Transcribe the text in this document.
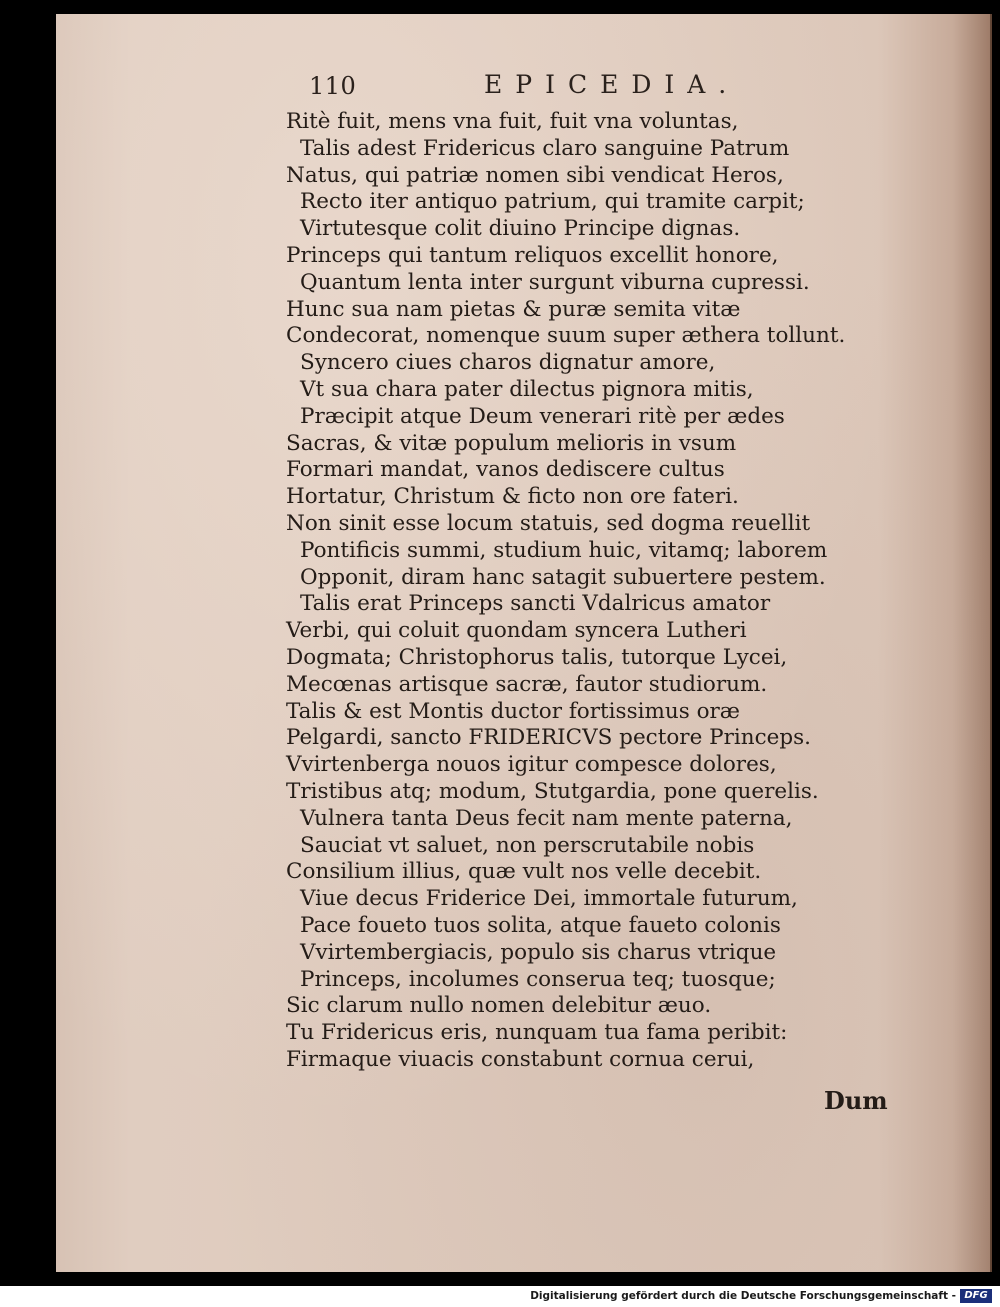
110	EPICEDIA.
Ritè fuit, mens vna fuit, fuit vna voluntas,
Talis adest Fridericus claro sanguine Patrum
Natus, qui patriæ nomen sibi vendicat Heros,
Recto iter antiquo patrium, qui tramite carpit;
Virtutesque colit diuino Principe dignas.
Princeps qui tantum reliquos excellit honore,
Quantum lenta inter surgunt viburna cupressi.
Hunc sua nam pietas & puræ semita vitæ
Condecorat, nomenque suum super æthera tollunt.
Syncero ciues charos dignatur amore,
Vt sua chara pater dilectus pignora mitis,
Præcipit atque Deum venerari ritè per ædes
Sacras, & vitæ populum melioris in vsum
Formari mandat, vanos dediscere cultus
Hortatur, Christum & ficto non ore fateri.
Non sinit esse locum statuis, sed dogma reuellit
Pontificis summi, studium huic, vitamq; laborem
Opponit, diram hanc satagit subuertere pestem.
Talis erat Princeps sancti Vdalricus amator
Verbi, qui coluit quondam syncera Lutheri
Dogmata; Christophorus talis, tutorque Lycei,
Mecœnas artisque sacræ, fautor studiorum.
Talis & est Montis ductor fortissimus oræ
Pelgardi, sancto FRIDERICVS pectore Princeps.
Vvirtenberga nouos igitur compesce dolores,
Tristibus atq; modum, Stutgardia, pone querelis.
Vulnera tanta Deus fecit nam mente paterna,
Sauciat vt saluet, non perscrutabile nobis
Consilium illius, quæ vult nos velle decebit.
Viue decus Friderice Dei, immortale futurum,
Pace foueto tuos solita, atque faueto colonis
Vvirtembergiacis, populo sis charus vtrique
Princeps, incolumes conserua teq; tuosque;
Sic clarum nullo nomen delebitur æuo.
Tu Fridericus eris, nunquam tua fama peribit:
Firmaque viuacis constabunt cornua cerui,
Dum
Digitalisierung gefördert durch die Deutsche Forschungsgemeinschaft - DFG
